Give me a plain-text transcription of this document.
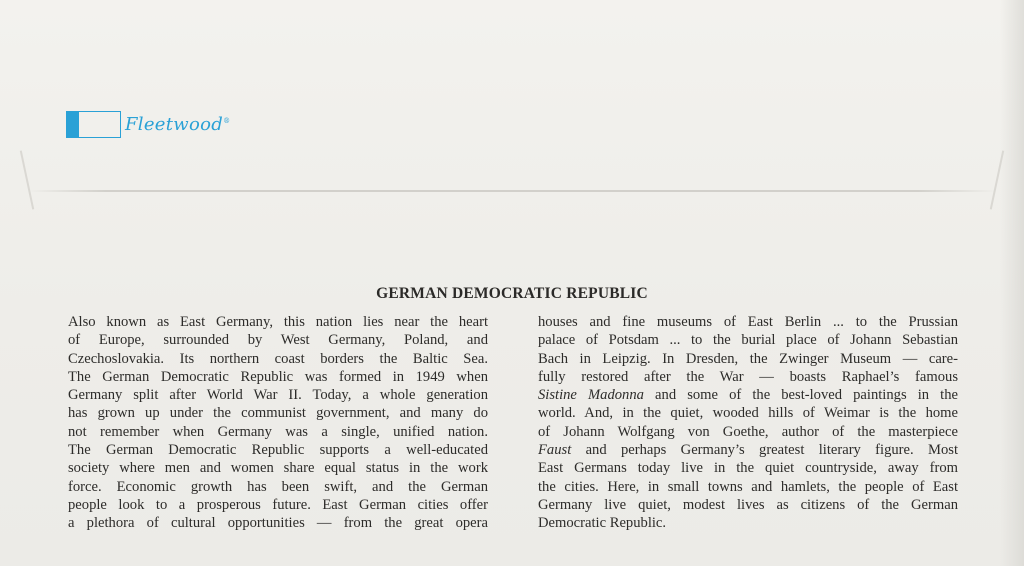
Fleetwood®
GERMAN DEMOCRATIC REPUBLIC
Also known as East Germany, this nation lies near the heart
of Europe, surrounded by West Germany, Poland, and
Czechoslovakia. Its northern coast borders the Baltic Sea.
The German Democratic Republic was formed in 1949 when
Germany split after World War II. Today, a whole generation
has grown up under the communist government, and many do
not remember when Germany was a single, unified nation.
The German Democratic Republic supports a well-educated
society where men and women share equal status in the work
force. Economic growth has been swift, and the German
people look to a prosperous future. East German cities offer
a plethora of cultural opportunities — from the great opera
houses and fine museums of East Berlin ... to the Prussian
palace of Potsdam ... to the burial place of Johann Sebastian
Bach in Leipzig. In Dresden, the Zwinger Museum — care-
fully restored after the War — boasts Raphael’s famous
Sistine Madonna and some of the best-loved paintings in the
world. And, in the quiet, wooded hills of Weimar is the home
of Johann Wolfgang von Goethe, author of the masterpiece
Faust and perhaps Germany’s greatest literary figure. Most
East Germans today live in the quiet countryside, away from
the cities. Here, in small towns and hamlets, the people of East
Germany live quiet, modest lives as citizens of the German
Democratic Republic.
